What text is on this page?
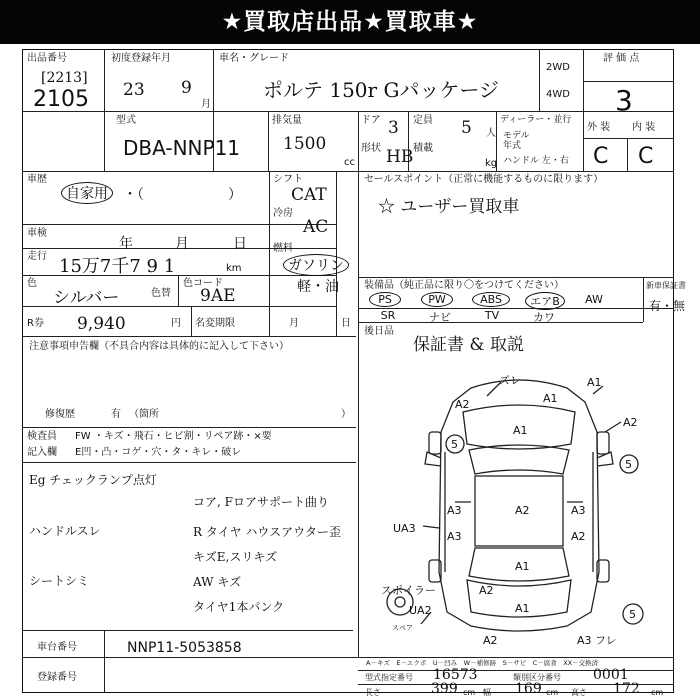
★買取店出品★買取車★
出品番号
[2213]
2105
初度登録年月
23 9
月
車名・グレード
ポルテ 150r Gパッケージ
2WD
4WD
評 価 点
3
型式
DBA-NNP11
排気量
1500
cc
ドア 3
形状 HB
定員 5 人
積載
kg
ディーラー・並行
モデル
年式
ハンドル 左・右
外 装 内 装
C C
車歴
自家用	・（　　　　　　）
車検
年	月	日
走行 15万7千7 9 1	km
色
シルバー	色替
色コード
9AE
シフト
CAT
冷房
AC
燃料
ガソリン
軽・油
R券 9,940	円 名変期限	月	日
注意事項申告欄（不具合内容は具体的に記入して下さい）
修復歴	有 （箇所	）
検査員 FW ・キズ・飛石・ヒビ割・リペア跡・×要
記入欄 E凹・凸・コゲ・穴・タ・キレ・破レ
Eg チェックランプ点灯
コア, Fロアサポート曲り
ハンドルスレ	R タイヤ ハウスアウター歪
キズE,スリキズ
シートシミ	AW キズ
タイヤ1本パンク
車台番号	NNP11-5053858
登録番号
セールスポイント（正常に機能するものに限ります）
☆ ユーザー買取車
装備品（純正品に限り〇をつけてください）
PS	PW	ABS	エアB	AW
SR	ナビ	TV	カワ
新車保証書
有・無
後日品
保証書 & 取説
ズレ	A1
A1
A2
A1
A2
5
5
UA3
A3	A2	A3
A3	A2
スポイラー
UA2
A1
A2
A1
A2	A3 フレ
5
スペア
A－キズ　E－エクボ　U－凹み　W－補修跡　S－サビ　C－腐食　XX－交換済
型式指定番号 16573	類別区分番号 0001
長さ	399 cm 幅 169 cm 高さ 172 cm
